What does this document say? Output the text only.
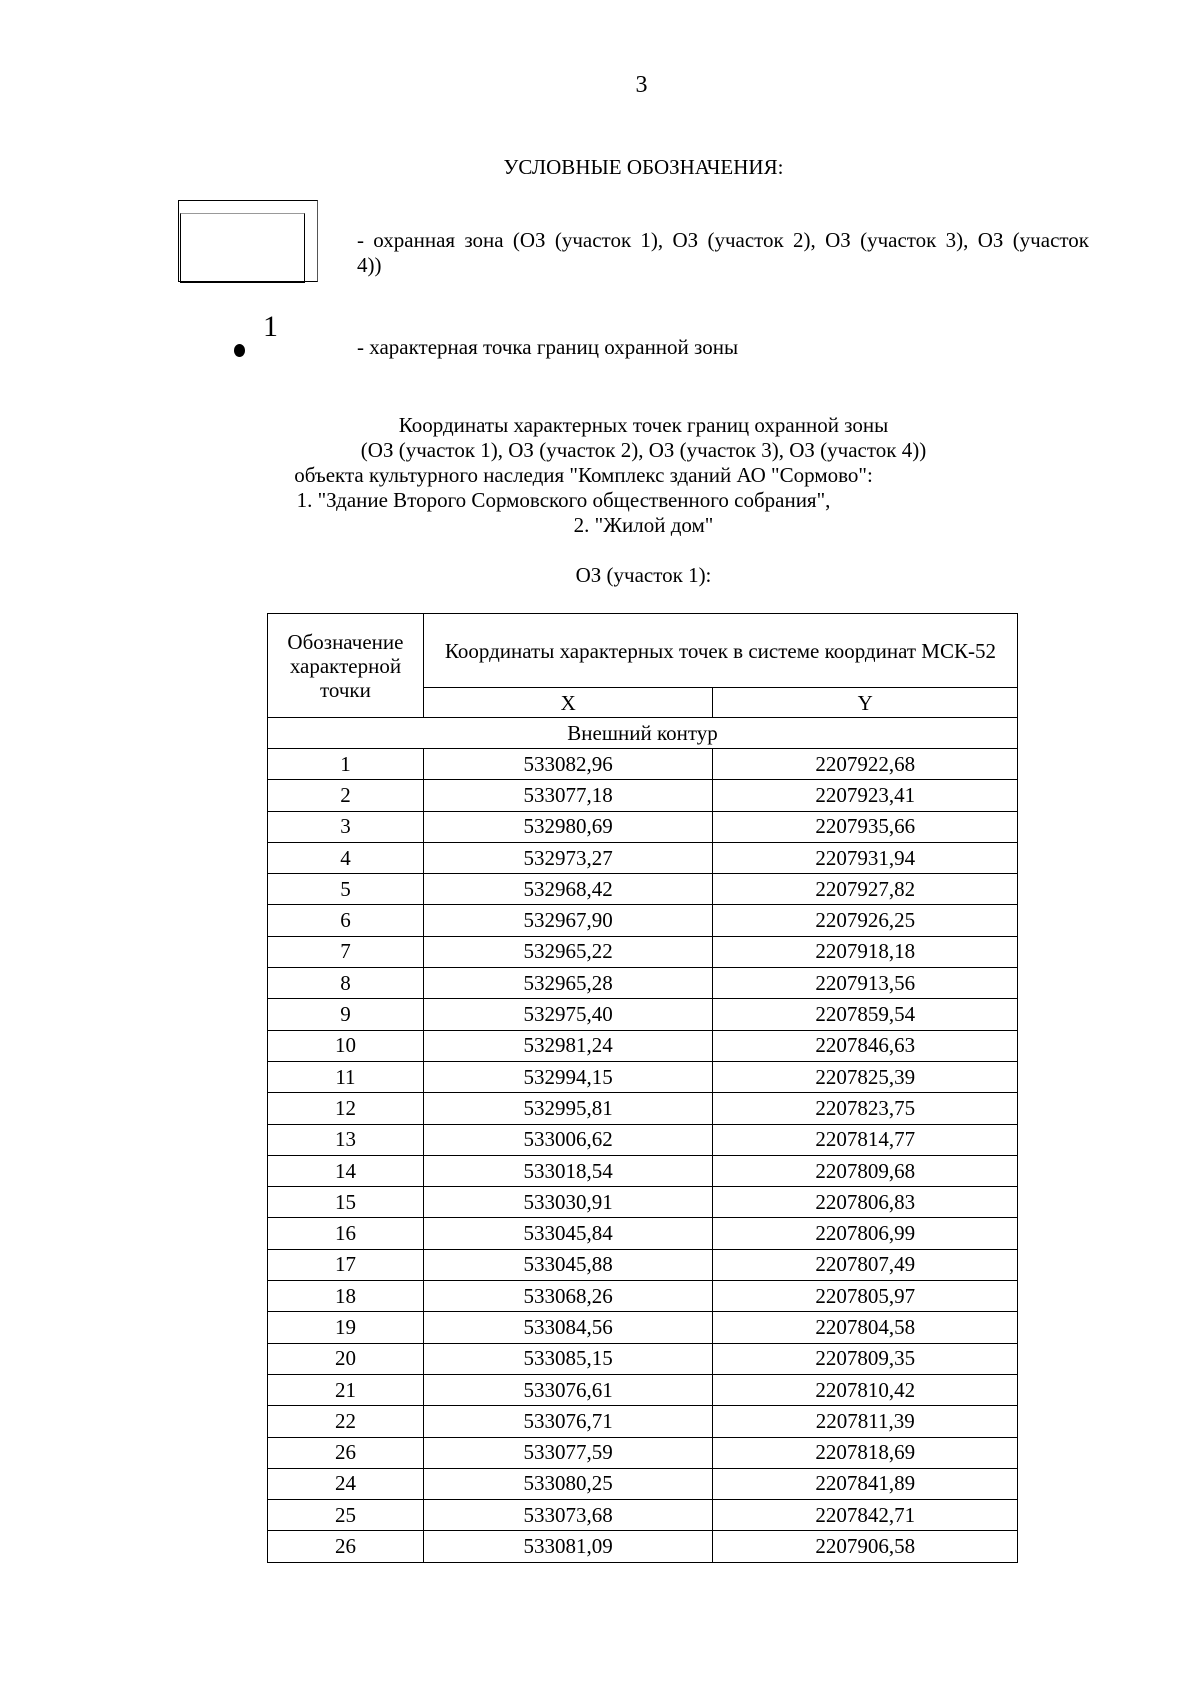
3
УСЛОВНЫЕ ОБОЗНАЧЕНИЯ:
- охранная зона (ОЗ (участок 1), ОЗ (участок 2), ОЗ (участок 3), ОЗ (участок 4))
1
- характерная точка границ охранной зоны
Координаты характерных точек границ охранной зоны
(ОЗ (участок 1), ОЗ (участок 2), ОЗ (участок 3), ОЗ (участок 4))
объекта культурного наследия "Комплекс зданий АО "Сормово":
1. "Здание Второго Сормовского общественного собрания",
2. "Жилой дом"
ОЗ (участок 1):
Обозначение характерной точки	Координаты характерных точек в системе координат МСК-52	
	X	Y
Внешний контур		
1	533082,96	2207922,68
2	533077,18	2207923,41
3	532980,69	2207935,66
4	532973,27	2207931,94
5	532968,42	2207927,82
6	532967,90	2207926,25
7	532965,22	2207918,18
8	532965,28	2207913,56
9	532975,40	2207859,54
10	532981,24	2207846,63
11	532994,15	2207825,39
12	532995,81	2207823,75
13	533006,62	2207814,77
14	533018,54	2207809,68
15	533030,91	2207806,83
16	533045,84	2207806,99
17	533045,88	2207807,49
18	533068,26	2207805,97
19	533084,56	2207804,58
20	533085,15	2207809,35
21	533076,61	2207810,42
22	533076,71	2207811,39
26	533077,59	2207818,69
24	533080,25	2207841,89
25	533073,68	2207842,71
26	533081,09	2207906,58
